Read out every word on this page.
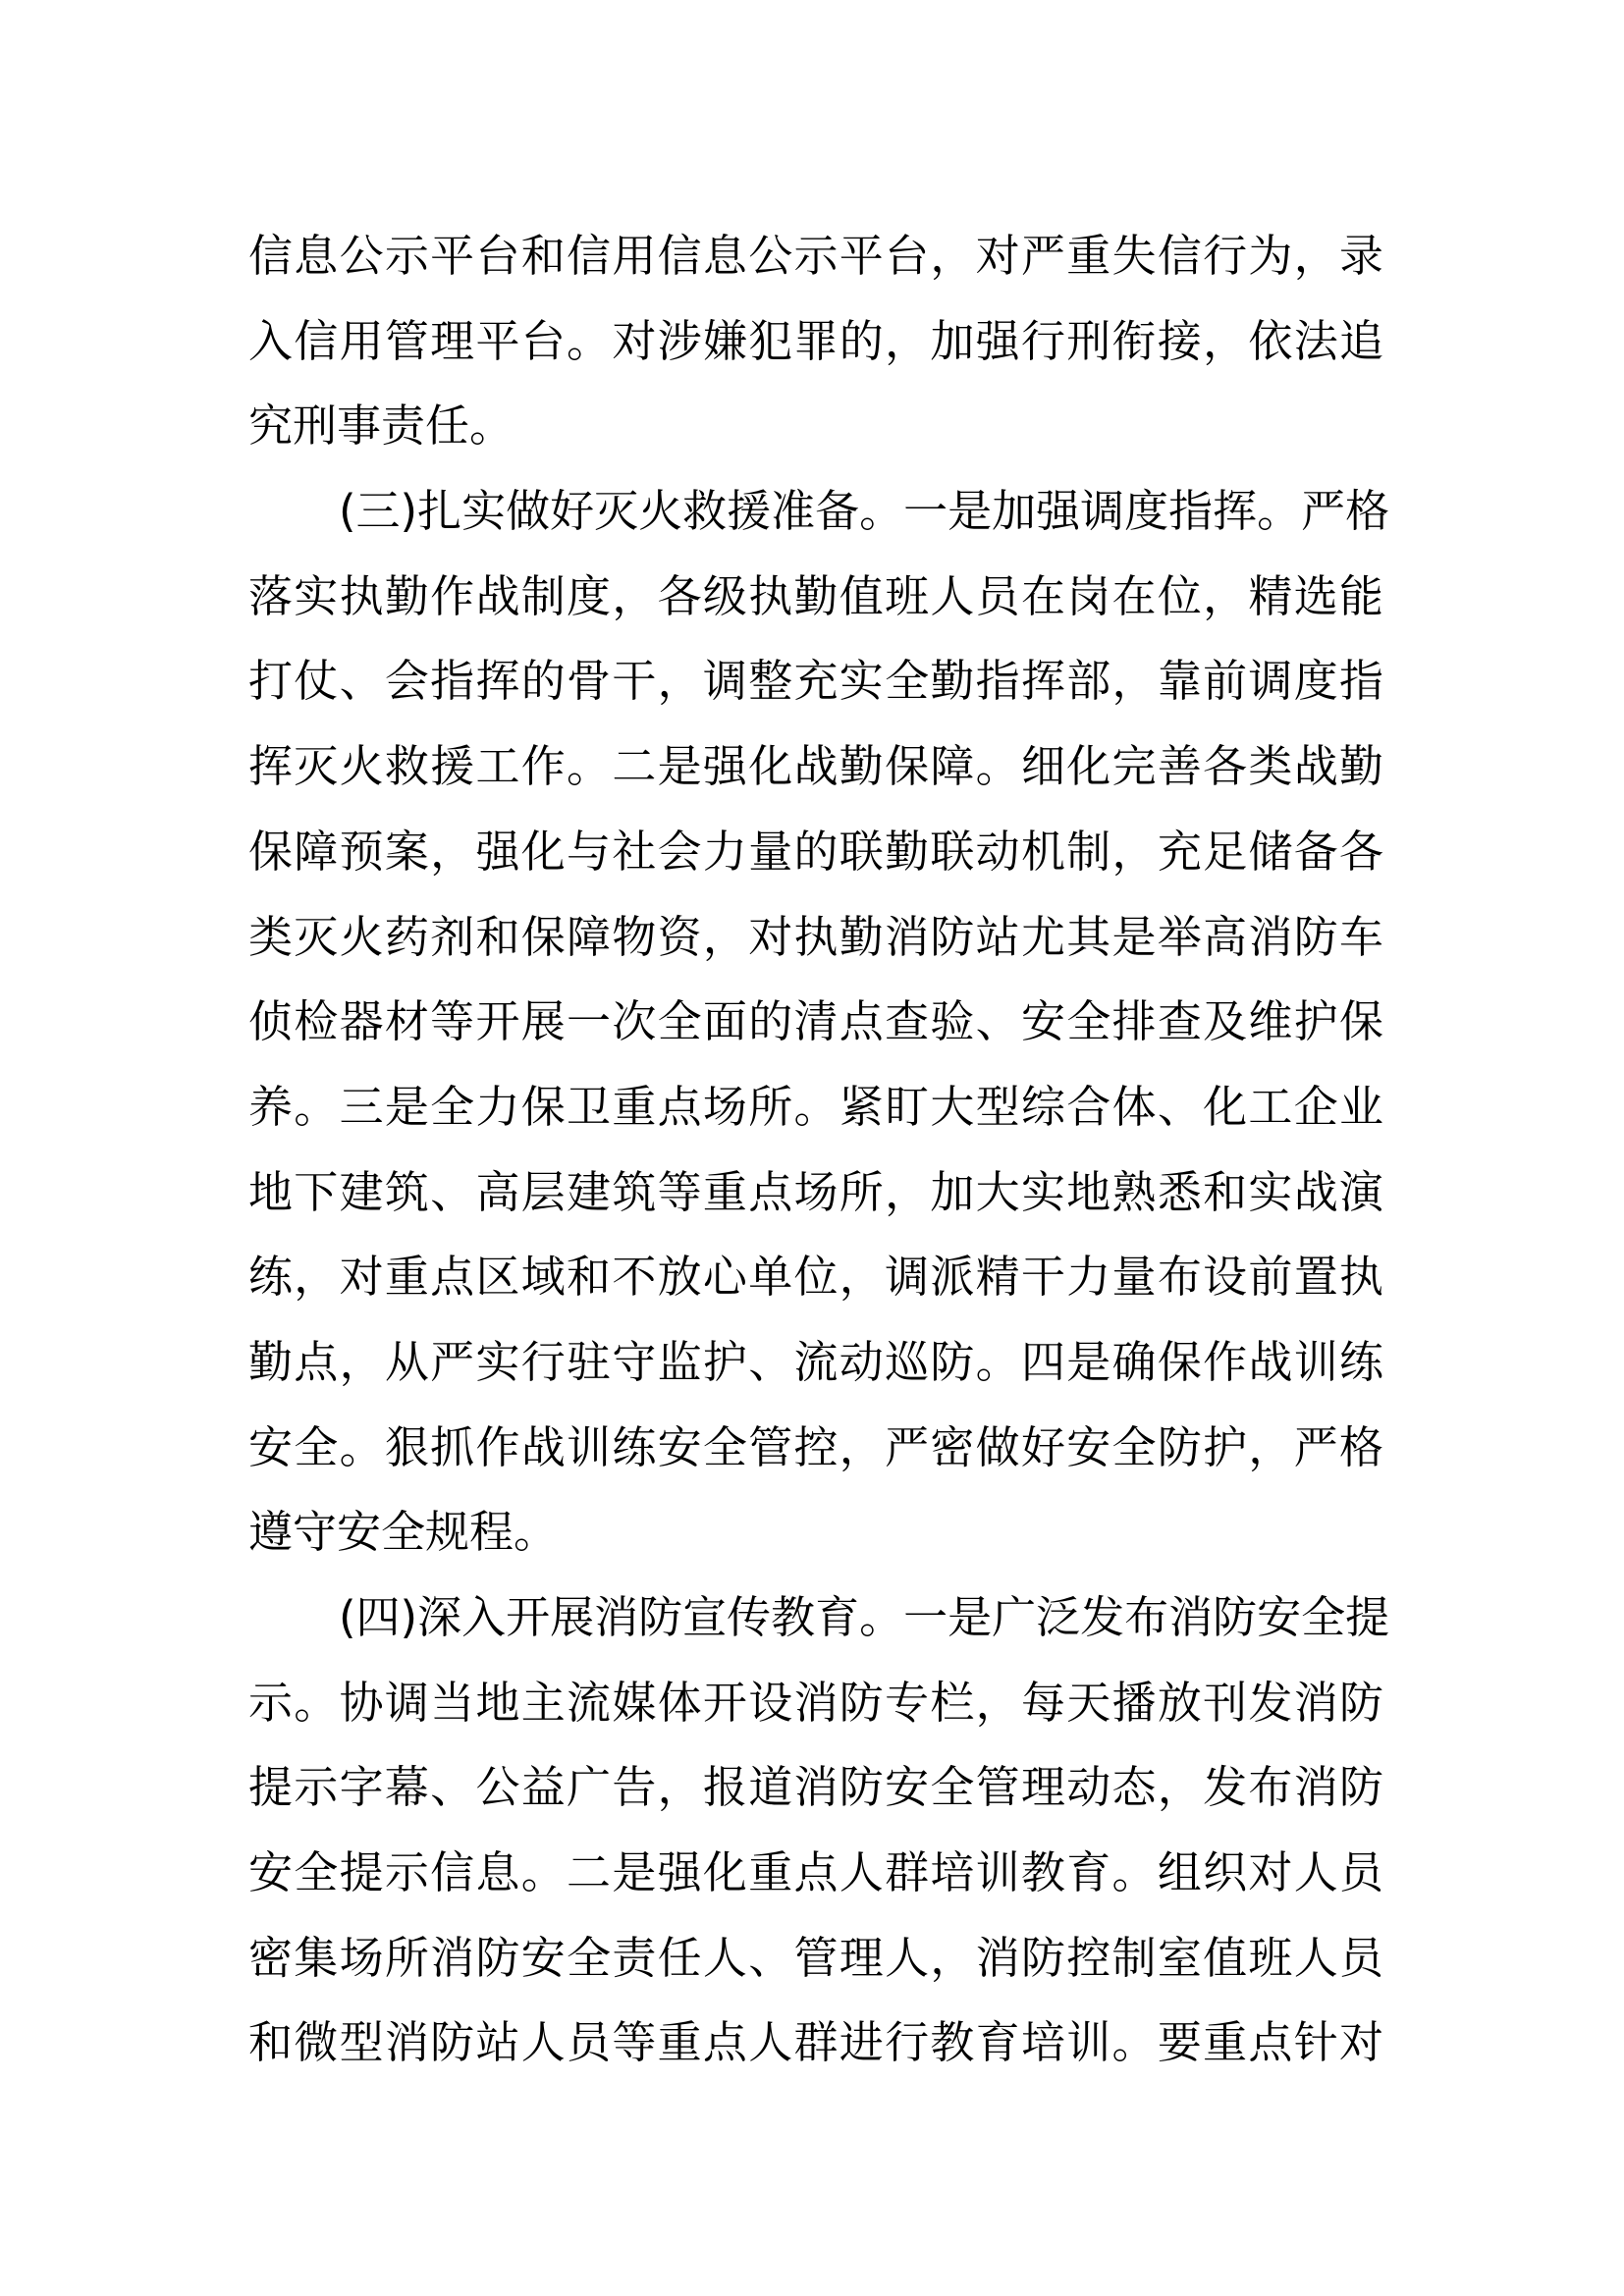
信息公示平台和信用信息公示平台，对严重失信行为，录
入信用管理平台。对涉嫌犯罪的，加强行刑衔接，依法追
究刑事责任。
(三)扎实做好灭火救援准备。一是加强调度指挥。严格
落实执勤作战制度，各级执勤值班人员在岗在位，精选能
打仗、会指挥的骨干，调整充实全勤指挥部，靠前调度指
挥灭火救援工作。二是强化战勤保障。细化完善各类战勤
保障预案，强化与社会力量的联勤联动机制，充足储备各
类灭火药剂和保障物资，对执勤消防站尤其是举高消防车
侦检器材等开展一次全面的清点查验、安全排查及维护保
养。三是全力保卫重点场所。紧盯大型综合体、化工企业
地下建筑、高层建筑等重点场所，加大实地熟悉和实战演
练，对重点区域和不放心单位，调派精干力量布设前置执
勤点，从严实行驻守监护、流动巡防。四是确保作战训练
安全。狠抓作战训练安全管控，严密做好安全防护，严格
遵守安全规程。
(四)深入开展消防宣传教育。一是广泛发布消防安全提
示。协调当地主流媒体开设消防专栏，每天播放刊发消防
提示字幕、公益广告，报道消防安全管理动态，发布消防
安全提示信息。二是强化重点人群培训教育。组织对人员
密集场所消防安全责任人、管理人，消防控制室值班人员
和微型消防站人员等重点人群进行教育培训。要重点针对
